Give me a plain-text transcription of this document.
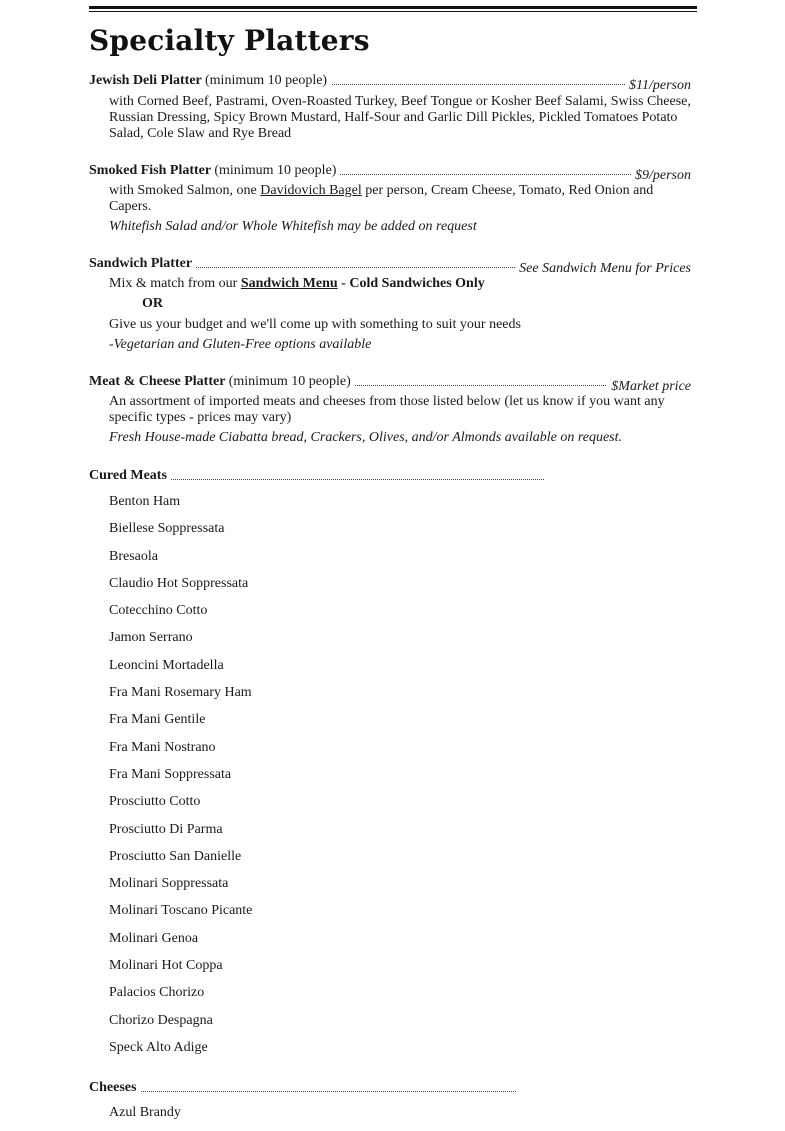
Specialty Platters
Jewish Deli Platter (minimum 10 people)	$11/person

with Corned Beef, Pastrami, Oven-Roasted Turkey, Beef Tongue or Kosher Beef Salami, Swiss Cheese, Russian Dressing, Spicy Brown Mustard, Half-Sour and Garlic Dill Pickles, Pickled Tomatoes Potato Salad, Cole Slaw and Rye Bread

Smoked Fish Platter (minimum 10 people)	$9/person

with Smoked Salmon, one Davidovich Bagel per person, Cream Cheese, Tomato, Red Onion and Capers.

Whitefish Salad and/or Whole Whitefish may be added on request

Sandwich Platter	See Sandwich Menu for Prices

Mix & match from our Sandwich Menu - Cold Sandwiches Only

OR

Give us your budget and we'll come up with something to suit your needs

-Vegetarian and Gluten-Free options available

Meat & Cheese Platter (minimum 10 people)	$Market price

An assortment of imported meats and cheeses from those listed below (let us know if you want any specific types - prices may vary)

Fresh House-made Ciabatta bread, Crackers, Olives, and/or Almonds available on request.

Cured Meats
Benton Ham
Biellese Soppressata
Bresaola
Claudio Hot Soppressata
Cotecchino Cotto
Jamon Serrano
Leoncini Mortadella
Fra Mani Rosemary Ham
Fra Mani Gentile
Fra Mani Nostrano
Fra Mani Soppressata
Prosciutto Cotto
Prosciutto Di Parma
Prosciutto San Danielle
Molinari Soppressata
Molinari Toscano Picante
Molinari Genoa
Molinari Hot Coppa
Palacios Chorizo
Chorizo Despagna
Speck Alto Adige
Cheeses
Azul Brandy
